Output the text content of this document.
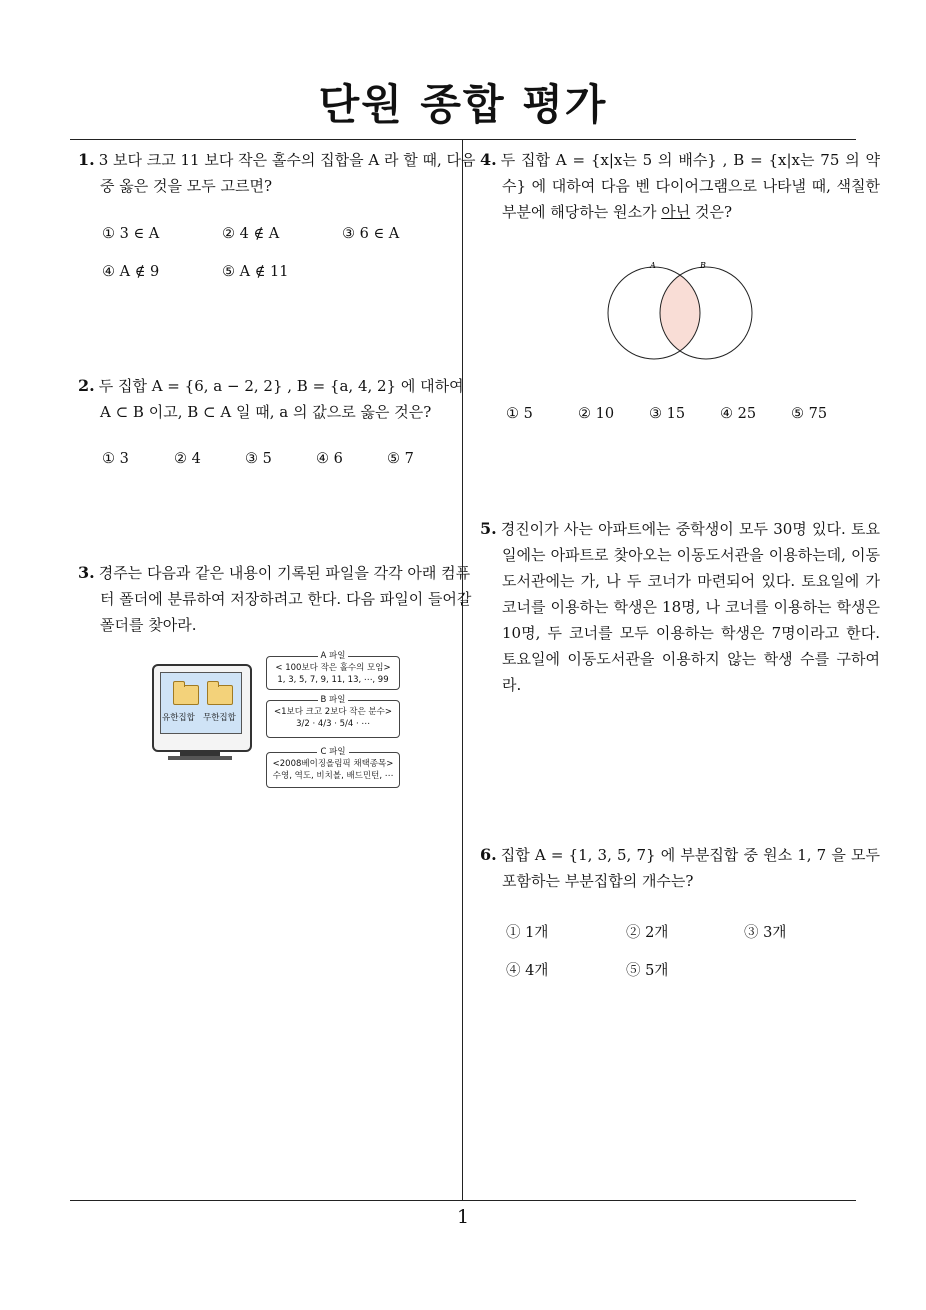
단원 종합 평가
1
1. 3 보다 크고 11 보다 작은 홀수의 집합을 A 라 할 때, 다음 중 옳은 것을 모두 고르면?
① 3 ∈ A	② 4 ∉ A	③ 6 ∈ A
④ A ∉ 9	⑤ A ∉ 11
2. 두 집합 A = {6, a − 2, 2} , B = {a, 4, 2} 에 대하여 A ⊂ B 이고, B ⊂ A 일 때, a 의 값으로 옳은 것은?
① 3	② 4	③ 5	④ 6	⑤ 7
3. 경주는 다음과 같은 내용이 기록된 파일을 각각 아래 컴퓨터 폴더에 분류하여 저장하려고 한다. 다음 파일이 들어갈 폴더를 찾아라.
유한집합 무한집합
A 파일
< 100보다 작은 홀수의 모임>
1, 3, 5, 7, 9, 11, 13, ⋯, 99
B 파일
<1보다 크고 2보다 작은 분수>
3/2 · 4/3 · 5/4 · ⋯
C 파일
<2008베이징올림픽 채택종목>
수영, 역도, 비치볼, 배드민턴, ⋯
4. 두 집합 A = {x|x는 5 의 배수} , B = {x|x는 75 의 약수} 에 대하여 다음 벤 다이어그램으로 나타낼 때, 색칠한 부분에 해당하는 원소가 아닌 것은?
A	B
① 5	② 10 ③ 15 ④ 25 ⑤ 75
5. 경진이가 사는 아파트에는 중학생이 모두 30명 있다. 토요일에는 아파트로 찾아오는 이동도서관을 이용하는데, 이동도서관에는 가, 나 두 코너가 마련되어 있다. 토요일에 가 코너를 이용하는 학생은 18명, 나 코너를 이용하는 학생은 10명, 두 코너를 모두 이용하는 학생은 7명이라고 한다. 토요일에 이동도서관을 이용하지 않는 학생 수를 구하여라.
6. 집합 A = {1, 3, 5, 7} 에 부분집합 중 원소 1, 7 을 모두 포함하는 부분집합의 개수는?
① 1개	② 2개	③ 3개
④ 4개	⑤ 5개
